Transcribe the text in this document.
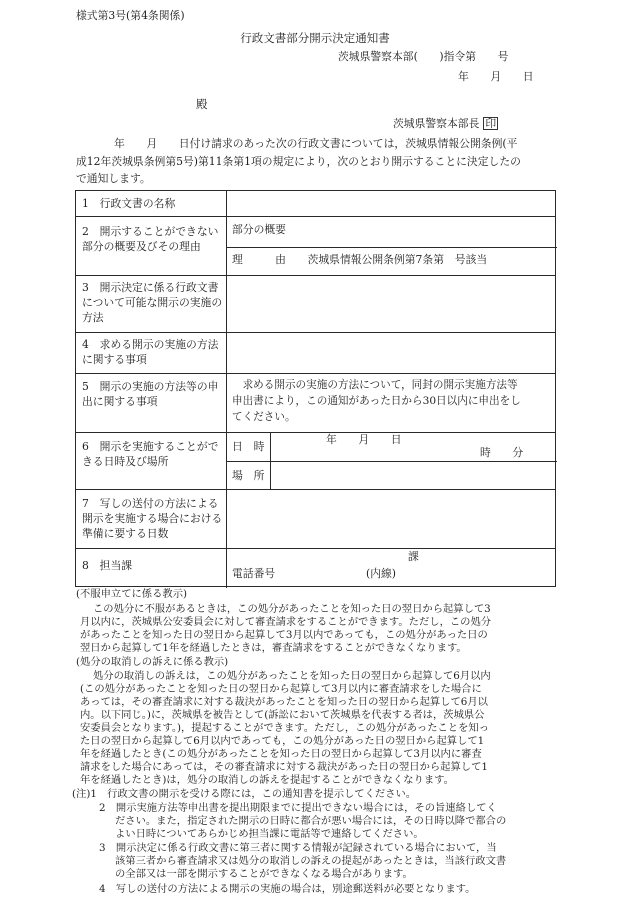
様式第3号(第4条関係)
行政文書部分開示決定通知書
茨城県警察本部(　　)指令第　　号
年　　月　　日
殿
茨城県警察本部長 印
年　　月　　日付け請求のあった次の行政文書については，茨城県情報公開条例(平
成12年茨城県条例第5号)第11条第1項の規定により，次のとおり開示することに決定したの
で通知します。
1　行政文書の名称
2　開示することができない部分の概要及びその理由
部分の概要
理　　　由　　茨城県情報公開条例第7条第　号該当
3　開示決定に係る行政文書について可能な開示の実施の方法
4　求める開示の実施の方法に関する事項
5　開示の実施の方法等の申出に関する事項
　求める開示の実施の方法について，同封の開示実施方法等
申出書により，この通知があった日から30日以内に申出をし
てください。
6　開示を実施することができる日時及び場所
日　時
年　　月　　日
時　　分
場　所
7　写しの送付の方法による開示を実施する場合における準備に要する日数
8　担当課
課
電話番号	(内線)
(不服申立てに係る教示)
この処分に不服があるときは，この処分があったことを知った日の翌日から起算して3
月以内に，茨城県公安委員会に対して審査請求をすることができます。ただし，この処分
があったことを知った日の翌日から起算して3月以内であっても，この処分があった日の
翌日から起算して1年を経過したときは，審査請求をすることができなくなります。
(処分の取消しの訴えに係る教示)
処分の取消しの訴えは，この処分があったことを知った日の翌日から起算して6月以内
(この処分があったことを知った日の翌日から起算して3月以内に審査請求をした場合に
あっては，その審査請求に対する裁決があったことを知った日の翌日から起算して6月以
内。以下同じ。)に，茨城県を被告として(訴訟において茨城県を代表する者は，茨城県公
安委員会となります。)，提起することができます。ただし，この処分があったことを知っ
た日の翌日から起算して6月以内であっても，この処分があった日の翌日から起算して1
年を経過したとき(この処分があったことを知った日の翌日から起算して3月以内に審査
請求をした場合にあっては，その審査請求に対する裁決があった日の翌日から起算して1
年を経過したとき)は，処分の取消しの訴えを提起することができなくなります。
(注)1　行政文書の開示を受ける際には，この通知書を提示してください。
2　開示実施方法等申出書を提出期限までに提出できない場合には，その旨連絡してく
ださい。また，指定された開示の日時に都合が悪い場合には，その日時以降で都合の
よい日時についてあらかじめ担当課に電話等で連絡してください。
3　開示決定に係る行政文書に第三者に関する情報が記録されている場合において，当
該第三者から審査請求又は処分の取消しの訴えの提起があったときは，当該行政文書
の全部又は一部を開示することができなくなる場合があります。
4　写しの送付の方法による開示の実施の場合は，別途郵送料が必要となります。
